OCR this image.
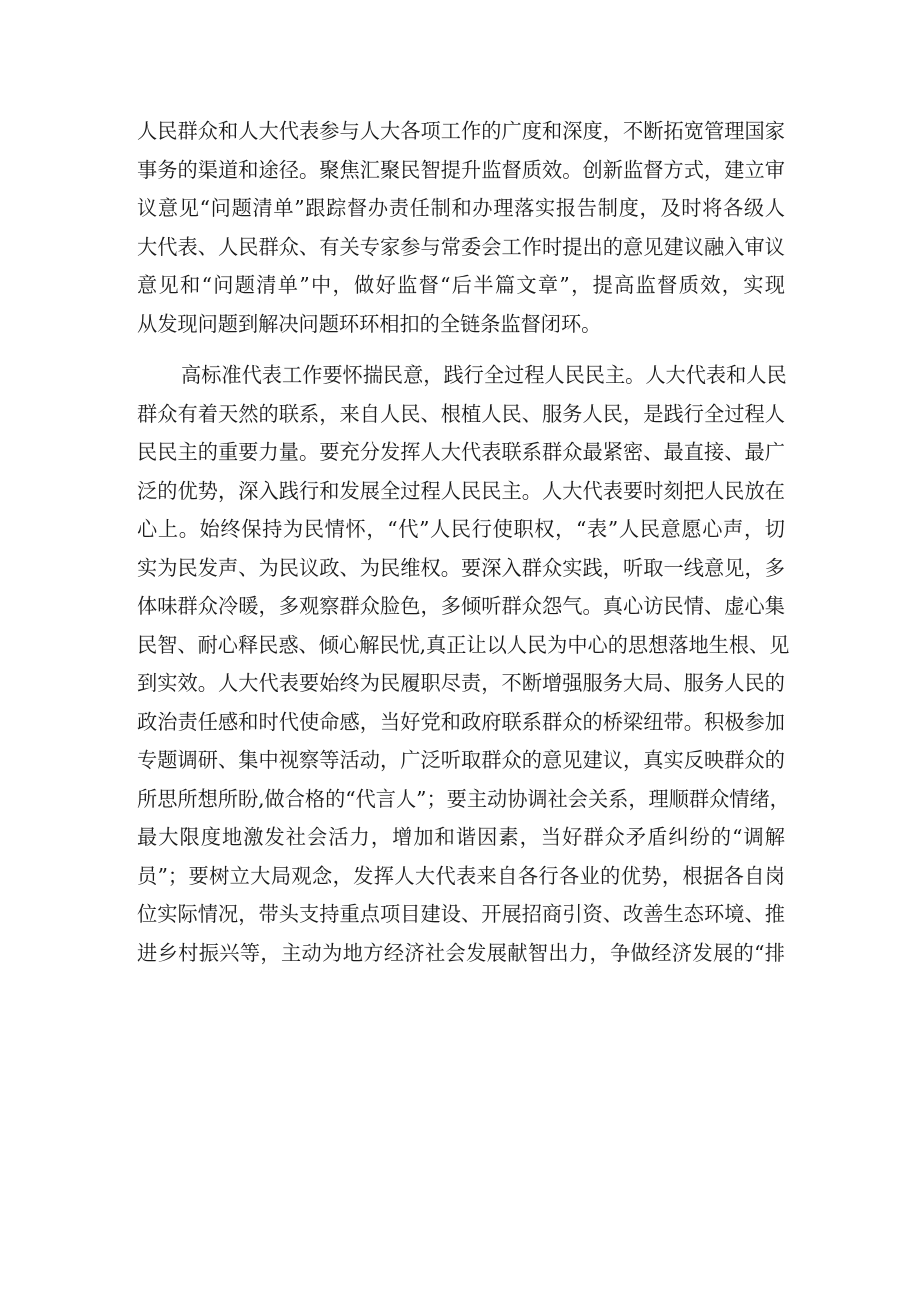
人民群众和人大代表参与人大各项工作的广度和深度，不断拓宽管理国家
事务的渠道和途径。聚焦汇聚民智提升监督质效。创新监督方式，建立审
议意见“问题清单”跟踪督办责任制和办理落实报告制度，及时将各级人
大代表、人民群众、有关专家参与常委会工作时提出的意见建议融入审议
意见和“问题清单”中，做好监督“后半篇文章”，提高监督质效，实现
从发现问题到解决问题环环相扣的全链条监督闭环。
高标准代表工作要怀揣民意，践行全过程人民民主。人大代表和人民
群众有着天然的联系，来自人民、根植人民、服务人民，是践行全过程人
民民主的重要力量。要充分发挥人大代表联系群众最紧密、最直接、最广
泛的优势，深入践行和发展全过程人民民主。人大代表要时刻把人民放在
心上。始终保持为民情怀，“代”人民行使职权，“表”人民意愿心声，切
实为民发声、为民议政、为民维权。要深入群众实践，听取一线意见，多
体味群众冷暖，多观察群众脸色，多倾听群众怨气。真心访民情、虚心集
民智、耐心释民惑、倾心解民忧,真正让以人民为中心的思想落地生根、见
到实效。人大代表要始终为民履职尽责，不断增强服务大局、服务人民的
政治责任感和时代使命感，当好党和政府联系群众的桥梁纽带。积极参加
专题调研、集中视察等活动，广泛听取群众的意见建议，真实反映群众的
所思所想所盼,做合格的“代言人”；要主动协调社会关系，理顺群众情绪，
最大限度地激发社会活力，增加和谐因素，当好群众矛盾纠纷的“调解
员”；要树立大局观念，发挥人大代表来自各行各业的优势，根据各自岗
位实际情况，带头支持重点项目建设、开展招商引资、改善生态环境、推
进乡村振兴等，主动为地方经济社会发展献智出力，争做经济发展的“排
